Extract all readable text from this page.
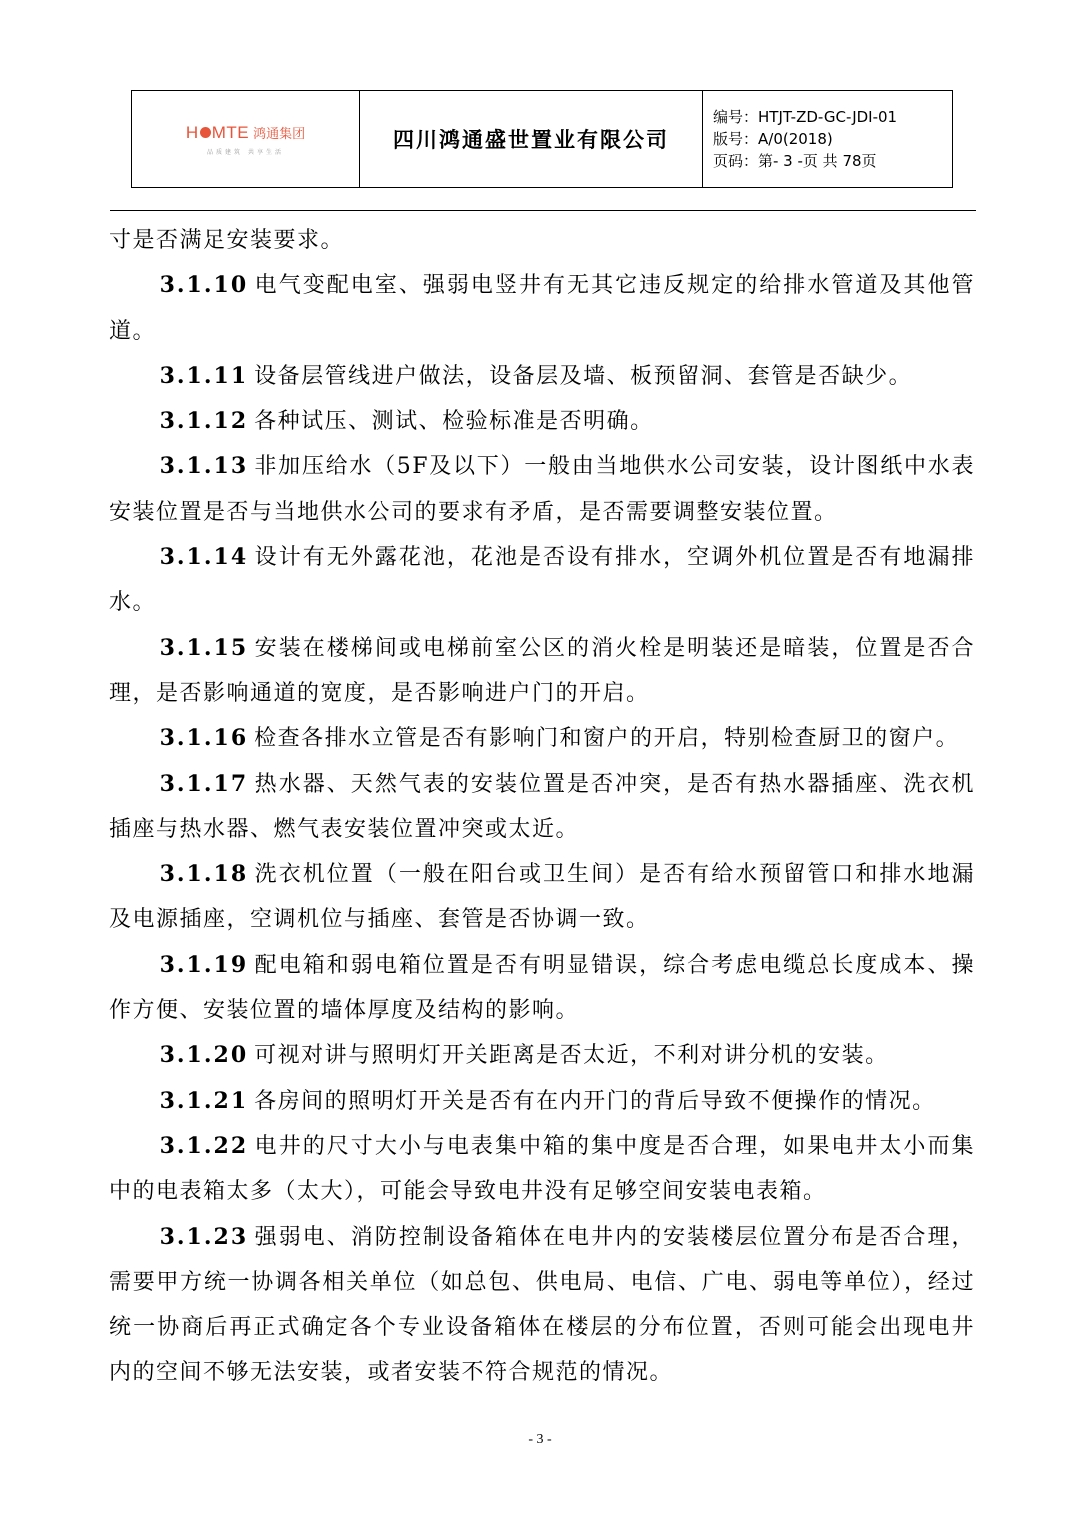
H MTE 鸿通集团
品质建筑 共享生活	四川鸿通盛世置业有限公司
编号：HTJT-ZD-GC-JDⅠ-01
版号：A/0(2018)
页码：第- 3 -页 共 78页

寸是否满足安装要求。

3.1.10 电气变配电室、强弱电竖井有无其它违反规定的给排水管道及其他管道。

3.1.11 设备层管线进户做法，设备层及墙、板预留洞、套管是否缺少。

3.1.12 各种试压、测试、检验标准是否明确。

3.1.13 非加压给水（5F及以下）一般由当地供水公司安装，设计图纸中水表安装位置是否与当地供水公司的要求有矛盾，是否需要调整安装位置。

3.1.14 设计有无外露花池，花池是否设有排水，空调外机位置是否有地漏排水。

3.1.15 安装在楼梯间或电梯前室公区的消火栓是明装还是暗装，位置是否合理，是否影响通道的宽度，是否影响进户门的开启。

3.1.16 检查各排水立管是否有影响门和窗户的开启，特别检查厨卫的窗户。

3.1.17 热水器、天然气表的安装位置是否冲突，是否有热水器插座、洗衣机插座与热水器、燃气表安装位置冲突或太近。

3.1.18 洗衣机位置（一般在阳台或卫生间）是否有给水预留管口和排水地漏及电源插座，空调机位与插座、套管是否协调一致。

3.1.19 配电箱和弱电箱位置是否有明显错误，综合考虑电缆总长度成本、操作方便、安装位置的墙体厚度及结构的影响。

3.1.20 可视对讲与照明灯开关距离是否太近，不利对讲分机的安装。

3.1.21 各房间的照明灯开关是否有在内开门的背后导致不便操作的情况。

3.1.22 电井的尺寸大小与电表集中箱的集中度是否合理，如果电井太小而集中的电表箱太多（太大），可能会导致电井没有足够空间安装电表箱。

3.1.23 强弱电、消防控制设备箱体在电井内的安装楼层位置分布是否合理，需要甲方统一协调各相关单位（如总包、供电局、电信、广电、弱电等单位），经过统一协商后再正式确定各个专业设备箱体在楼层的分布位置，否则可能会出现电井内的空间不够无法安装，或者安装不符合规范的情况。

- 3 -
